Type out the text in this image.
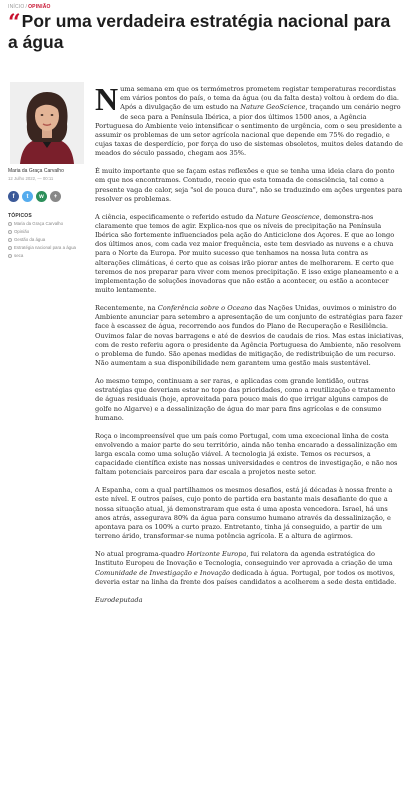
INÍCIO/OPINIÃO
“ Por uma verdadeira estratégia nacional para a água
Maria da Graça Carvalho
12 Julho 2022, — 00:11
f	t	w	+
TÓPICOS
Maria da Graça Carvalho
Opinião
Gestão da água
Estratégia nacional para a água
seca

Numa semana em que os termómetros prometem registar temperaturas recordistas em vários pontos do país, o tema da água (ou da falta desta) voltou à ordem do dia. Após a divulgação de um estudo na Nature GeoScience, traçando um cenário negro de seca para a Península Ibérica, a pior dos últimos 1500 anos, a Agência Portuguesa do Ambiente veio intensificar o sentimento de urgência, com o seu presidente a assumir os problemas de um setor agrícola nacional que depende em 75% do regadio, e cujas taxas de desperdício, por força do uso de sistemas obsoletos, muitos deles datando de meados do século passado, chegam aos 35%.

É muito importante que se façam estas reflexões e que se tenha uma ideia clara do ponto em que nos encontramos. Contudo, receio que esta tomada de consciência, tal como a presente vaga de calor, seja "sol de pouca dura", não se traduzindo em ações urgentes para resolver os problemas.

A ciência, especificamente o referido estudo da Nature Geoscience, demonstra-nos claramente que temos de agir. Explica-nos que os níveis de precipitação na Península Ibérica são fortemente influenciados pela ação do Anticiclone dos Açores. E que ao longo dos últimos anos, com cada vez maior frequência, este tem desviado as nuvens e a chuva para o Norte da Europa. Por muito sucesso que tenhamos na nossa luta contra as alterações climáticas, é certo que as coisas irão piorar antes de melhorarem. E certo que teremos de nos preparar para viver com menos precipitação. E isso exige planeamento e a implementação de soluções inovadoras que não estão a acontecer, ou estão a acontecer muito lentamente.

Recentemente, na Conferência sobre o Oceano das Nações Unidas, ouvimos o ministro do Ambiente anunciar para setembro a apresentação de um conjunto de estratégias para fazer face à escassez de água, recorrendo aos fundos do Plano de Recuperação e Resiliência. Ouvimos falar de novas barragens e até de desvios de caudais de rios. Mas estas iniciativas, com de resto referiu agora o presidente da Agência Portuguesa do Ambiente, não resolvem o problema de fundo. São apenas medidas de mitigação, de redistribuição de um recurso. Não aumentam a sua disponibilidade nem garantem uma gestão mais sustentável.

Ao mesmo tempo, continuam a ser raras, e aplicadas com grande lentidão, outras estratégias que deveriam estar no topo das prioridades, como a reutilização e tratamento de águas residuais (hoje, aproveitada para pouco mais do que irrigar alguns campos de golfe no Algarve) e a dessalinização de água do mar para fins agrícolas e de consumo humano.

Roça o incompreensível que um país como Portugal, com uma excecional linha de costa envolvendo a maior parte do seu território, ainda não tenha encarado a dessalinização em larga escala como uma solução viável. A tecnologia já existe. Temos os recursos, a capacidade científica existe nas nossas universidades e centros de investigação, e não nos faltam potenciais parceiros para dar escala a projetos neste setor.

A Espanha, com a qual partilhamos os mesmos desafios, está já décadas à nossa frente a este nível. E outros países, cujo ponto de partida era bastante mais desafiante do que a nossa situação atual, já demonstraram que esta é uma aposta vencedora. Israel, há uns anos atrás, assegurava 80% da água para consumo humano através da dessalinização, e apontava para os 100% a curto prazo. Entretanto, tinha já conseguido, a partir de um terreno árido, transformar-se numa potência agrícola. E a altura de agirmos.

No atual programa-quadro Horizonte Europa, fui relatora da agenda estratégica do Instituto Europeu de Inovação e Tecnologia, conseguindo ver aprovada a criação de uma Comunidade de Investigação e Inovação dedicada à água. Portugal, por todos os motivos, deveria estar na linha da frente dos países candidatos a acolherem a sede desta entidade.

Eurodeputada
